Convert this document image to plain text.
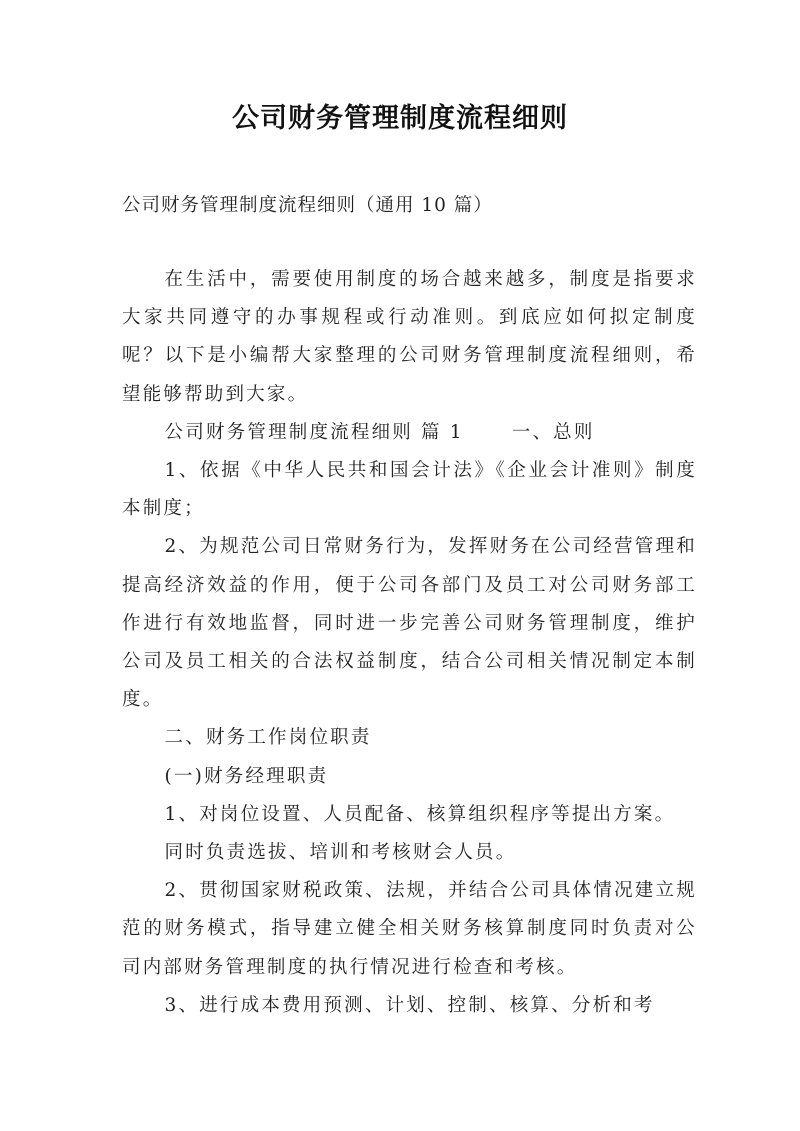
公司财务管理制度流程细则
公司财务管理制度流程细则（通用 10 篇）

在生活中，需要使用制度的场合越来越多，制度是指要求大家共同遵守的办事规程或行动准则。到底应如何拟定制度呢？以下是小编帮大家整理的公司财务管理制度流程细则，希望能够帮助到大家。

公司财务管理制度流程细则 篇 1	一、总则

1、依据《中华人民共和国会计法》《企业会计准则》制度本制度；

2、为规范公司日常财务行为，发挥财务在公司经营管理和提高经济效益的作用，便于公司各部门及员工对公司财务部工作进行有效地监督，同时进一步完善公司财务管理制度，维护公司及员工相关的合法权益制度，结合公司相关情况制定本制度。

二、财务工作岗位职责

(一)财务经理职责

1、对岗位设置、人员配备、核算组织程序等提出方案。

同时负责选拔、培训和考核财会人员。

2、贯彻国家财税政策、法规，并结合公司具体情况建立规范的财务模式，指导建立健全相关财务核算制度同时负责对公司内部财务管理制度的执行情况进行检查和考核。

3、进行成本费用预测、计划、控制、核算、分析和考
